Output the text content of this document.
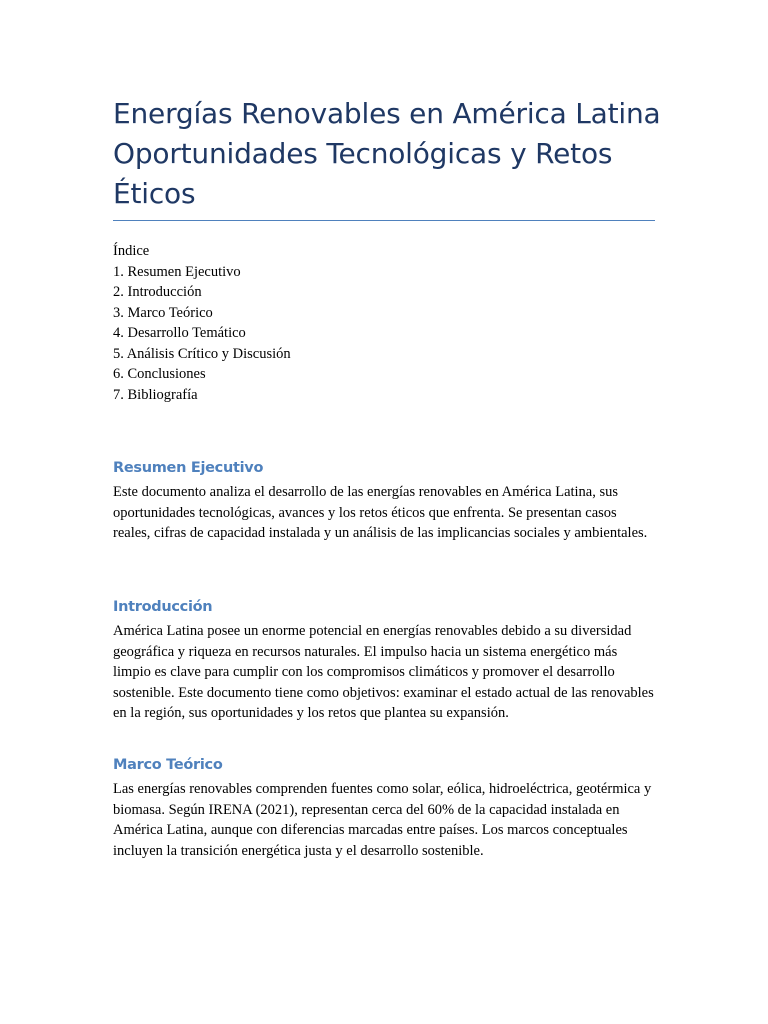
Energías Renovables en América Latina
Oportunidades Tecnológicas y Retos
Éticos
Índice
1. Resumen Ejecutivo
2. Introducción
3. Marco Teórico
4. Desarrollo Temático
5. Análisis Crítico y Discusión
6. Conclusiones
7. Bibliografía
Resumen Ejecutivo

Este documento analiza el desarrollo de las energías renovables en América Latina, sus oportunidades tecnológicas, avances y los retos éticos que enfrenta. Se presentan casos reales, cifras de capacidad instalada y un análisis de las implicancias sociales y ambientales.

Introducción

América Latina posee un enorme potencial en energías renovables debido a su diversidad geográfica y riqueza en recursos naturales. El impulso hacia un sistema energético más limpio es clave para cumplir con los compromisos climáticos y promover el desarrollo sostenible. Este documento tiene como objetivos: examinar el estado actual de las renovables en la región, sus oportunidades y los retos que plantea su expansión.

Marco Teórico

Las energías renovables comprenden fuentes como solar, eólica, hidroeléctrica, geotérmica y biomasa. Según IRENA (2021), representan cerca del 60% de la capacidad instalada en América Latina, aunque con diferencias marcadas entre países. Los marcos conceptuales incluyen la transición energética justa y el desarrollo sostenible.
